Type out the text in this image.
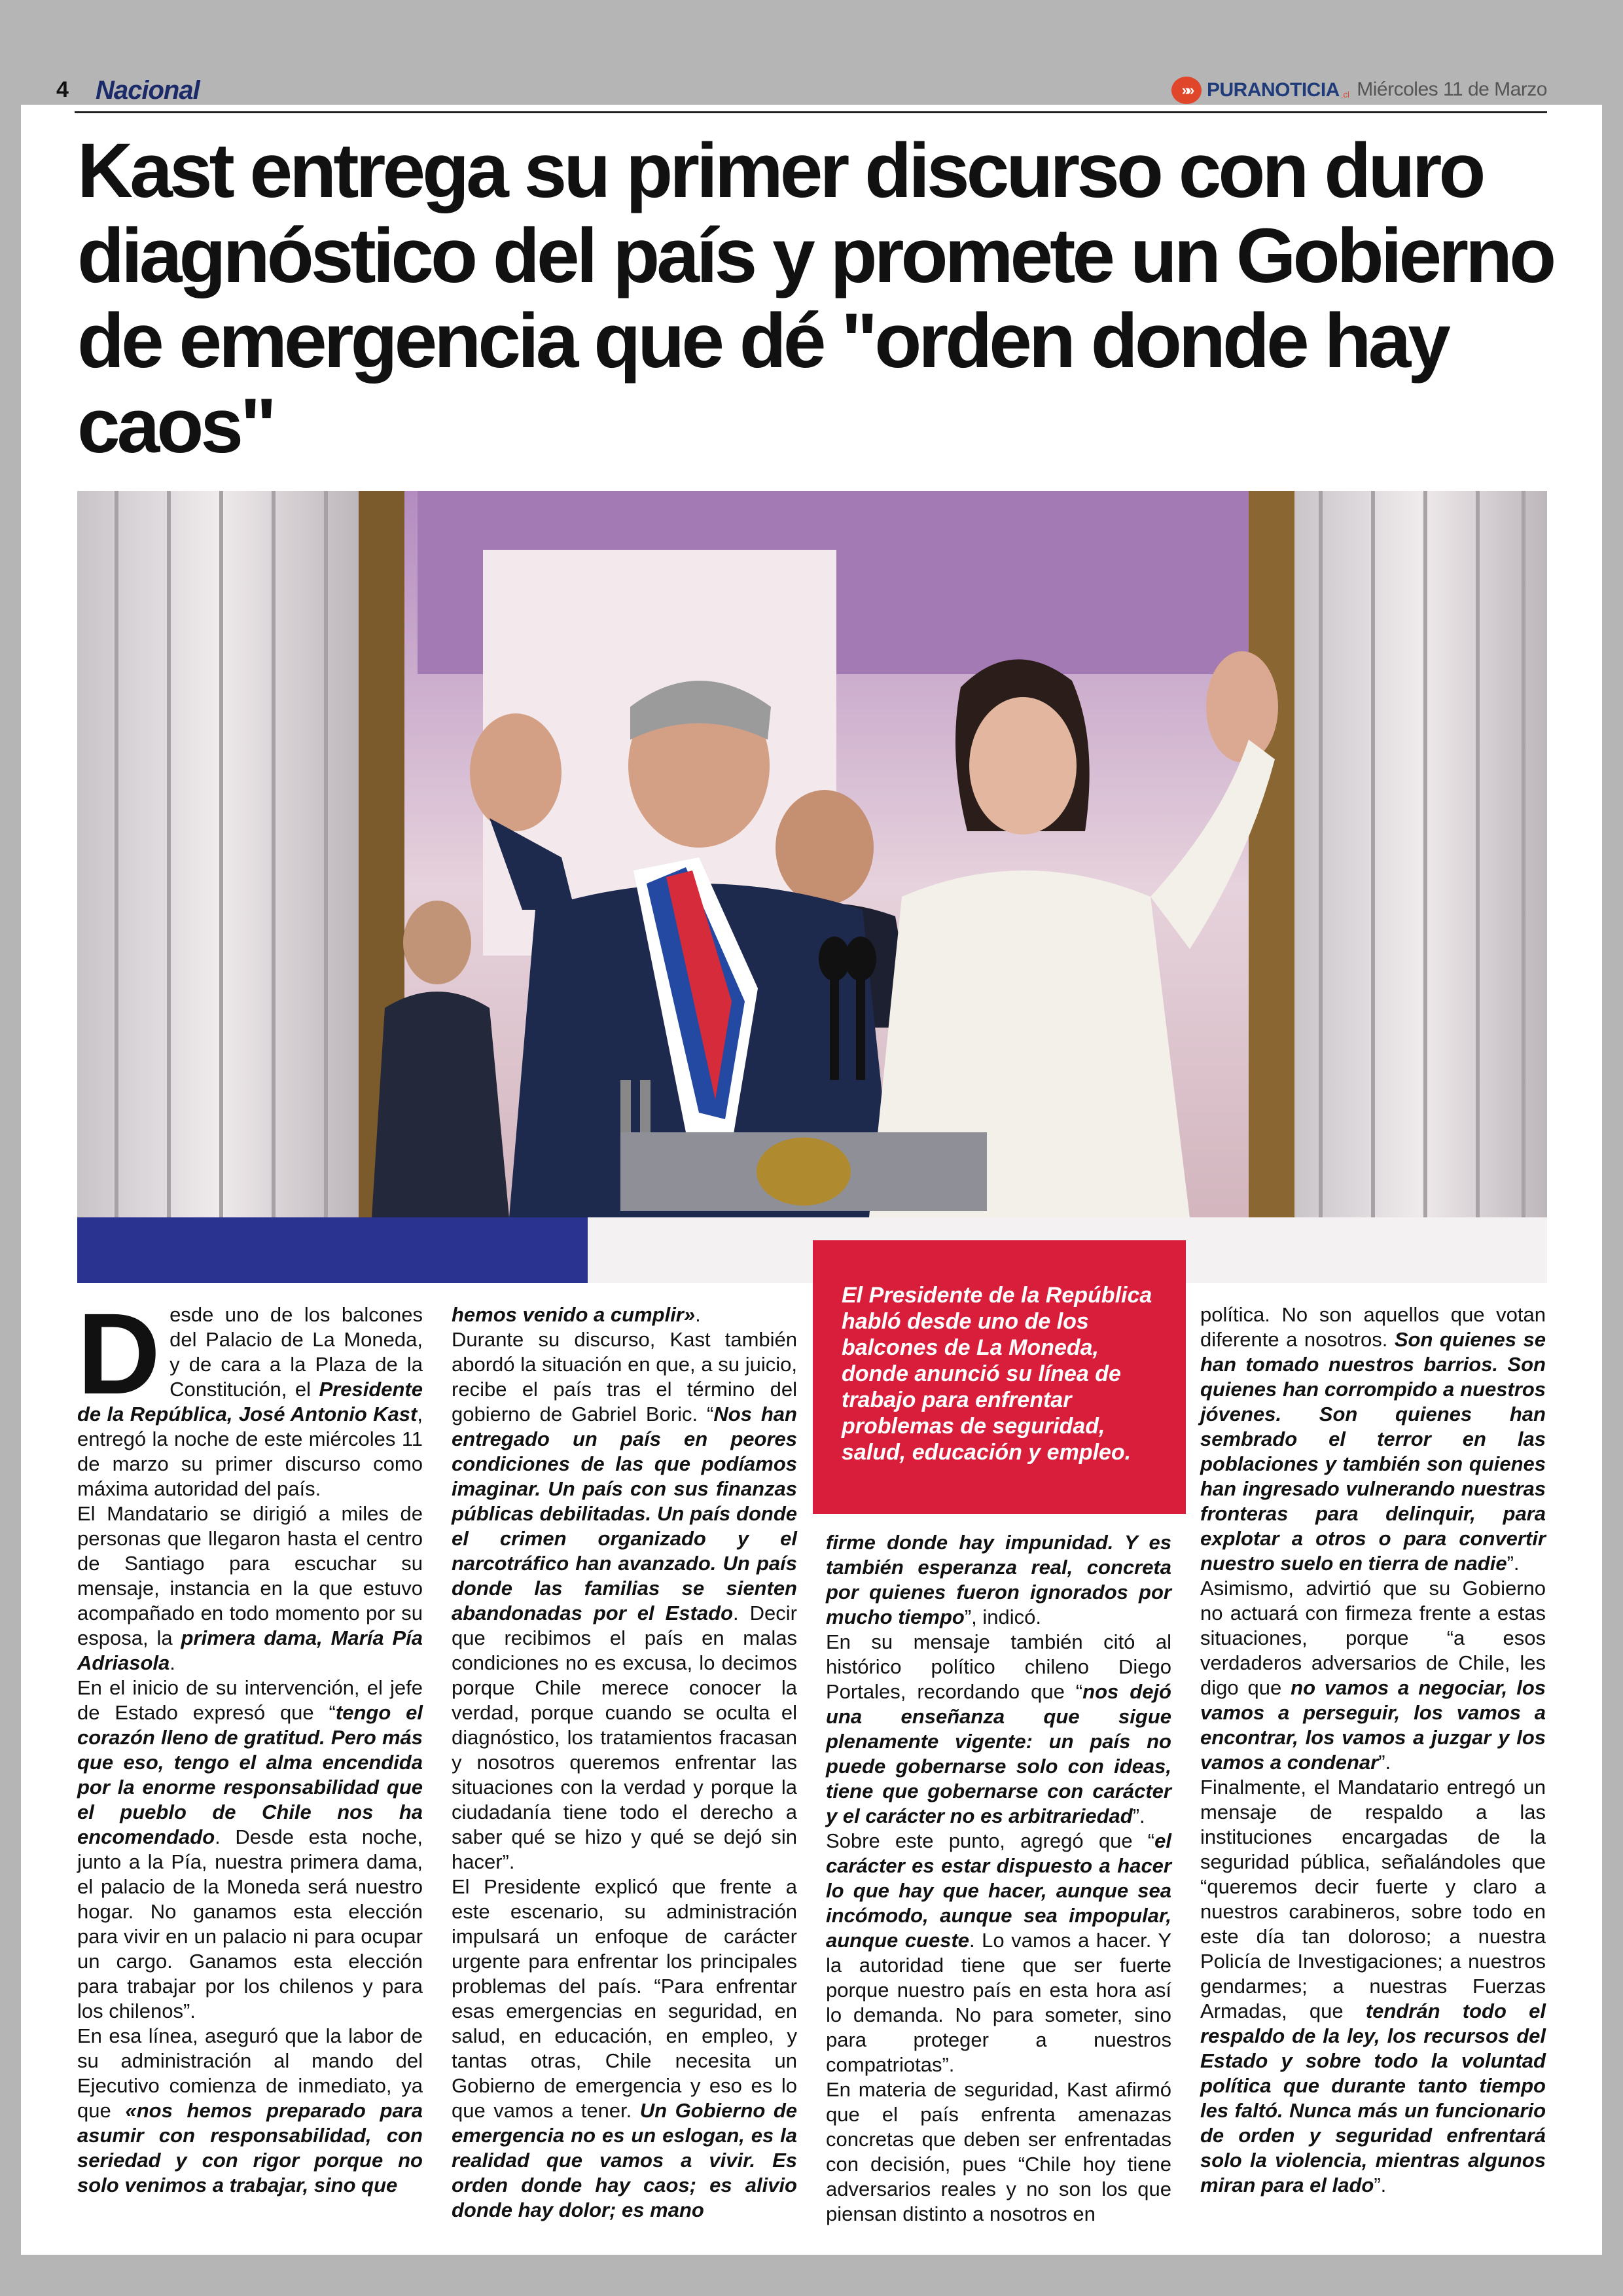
4 Nacional	»» PURANOTICIA .cl Miércoles 11 de Marzo
Kast entrega su primer discurso con duro diagnóstico del país y promete un Gobierno de emergencia que dé "orden donde hay caos"
El Presidente de la República habló desde uno de los balcones de La Moneda, donde anunció su línea de trabajo para enfrentar problemas de seguridad, salud, educación y empleo.

Desde uno de los balcones del Palacio de La Moneda, y de cara a la Plaza de la Constitución, el Presidente de la República, José Antonio Kast, entregó la noche de este miércoles 11 de marzo su primer discurso como máxima autoridad del país.

El Mandatario se dirigió a miles de personas que llegaron hasta el centro de Santiago para escuchar su mensaje, instancia en la que estuvo acompañado en todo momento por su esposa, la primera dama, María Pía Adriasola.

En el inicio de su intervención, el jefe de Estado expresó que “tengo el corazón lleno de gratitud. Pero más que eso, tengo el alma encendida por la enorme responsabilidad que el pueblo de Chile nos ha encomendado. Desde esta noche, junto a la Pía, nuestra primera dama, el palacio de la Moneda será nuestro hogar. No ganamos esta elección para vivir en un palacio ni para ocupar un cargo. Ganamos esta elección para trabajar por los chilenos y para los chilenos”.

En esa línea, aseguró que la labor de su administración al mando del Ejecutivo comienza de inmediato, ya que «nos hemos preparado para asumir con responsabilidad, con seriedad y con rigor porque no solo venimos a trabajar, sino que

hemos venido a cumplir».

Durante su discurso, Kast también abordó la situación en que, a su juicio, recibe el país tras el término del gobierno de Gabriel Boric. “Nos han entregado un país en peores condiciones de las que podíamos imaginar. Un país con sus finanzas públicas debilitadas. Un país donde el crimen organizado y el narcotráfico han avanzado. Un país donde las familias se sienten abandonadas por el Estado. Decir que recibimos el país en malas condiciones no es excusa, lo decimos porque Chile merece conocer la verdad, porque cuando se oculta el diagnóstico, los tratamientos fracasan y nosotros queremos enfrentar las situaciones con la verdad y porque la ciudadanía tiene todo el derecho a saber qué se hizo y qué se dejó sin hacer”.

El Presidente explicó que frente a este escenario, su administración impulsará un enfoque de carácter urgente para enfrentar los principales problemas del país. “Para enfrentar esas emergencias en seguridad, en salud, en educación, en empleo, y tantas otras, Chile necesita un Gobierno de emergencia y eso es lo que vamos a tener. Un Gobierno de emergencia no es un eslogan, es la realidad que vamos a vivir. Es orden donde hay caos; es alivio donde hay dolor; es mano

firme donde hay impunidad. Y es también esperanza real, concreta por quienes fueron ignorados por mucho tiempo”, indicó.

En su mensaje también citó al histórico político chileno Diego Portales, recordando que “nos dejó una enseñanza que sigue plenamente vigente: un país no puede gobernarse solo con ideas, tiene que gobernarse con carácter y el carácter no es arbitrariedad”.

Sobre este punto, agregó que “el carácter es estar dispuesto a hacer lo que hay que hacer, aunque sea incómodo, aunque sea impopular, aunque cueste. Lo vamos a hacer. Y la autoridad tiene que ser fuerte porque nuestro país en esta hora así lo demanda. No para someter, sino para proteger a nuestros compatriotas”.

En materia de seguridad, Kast afirmó que el país enfrenta amenazas concretas que deben ser enfrentadas con decisión, pues “Chile hoy tiene adversarios reales y no son los que piensan distinto a nosotros en

política. No son aquellos que votan diferente a nosotros. Son quienes se han tomado nuestros barrios. Son quienes han corrompido a nuestros jóvenes. Son quienes han sembrado el terror en las poblaciones y también son quienes han ingresado vulnerando nuestras fronteras para delinquir, para explotar a otros o para convertir nuestro suelo en tierra de nadie”.

Asimismo, advirtió que su Gobierno no actuará con firmeza frente a estas situaciones, porque “a esos verdaderos adversarios de Chile, les digo que no vamos a negociar, los vamos a perseguir, los vamos a encontrar, los vamos a juzgar y los vamos a condenar”.

Finalmente, el Mandatario entregó un mensaje de respaldo a las instituciones encargadas de la seguridad pública, señalándoles que “queremos decir fuerte y claro a nuestros carabineros, sobre todo en este día tan doloroso; a nuestra Policía de Investigaciones; a nuestros gendarmes; a nuestras Fuerzas Armadas, que tendrán todo el respaldo de la ley, los recursos del Estado y sobre todo la voluntad política que durante tanto tiempo les faltó. Nunca más un funcionario de orden y seguridad enfrentará solo la violencia, mientras algunos miran para el lado”.
